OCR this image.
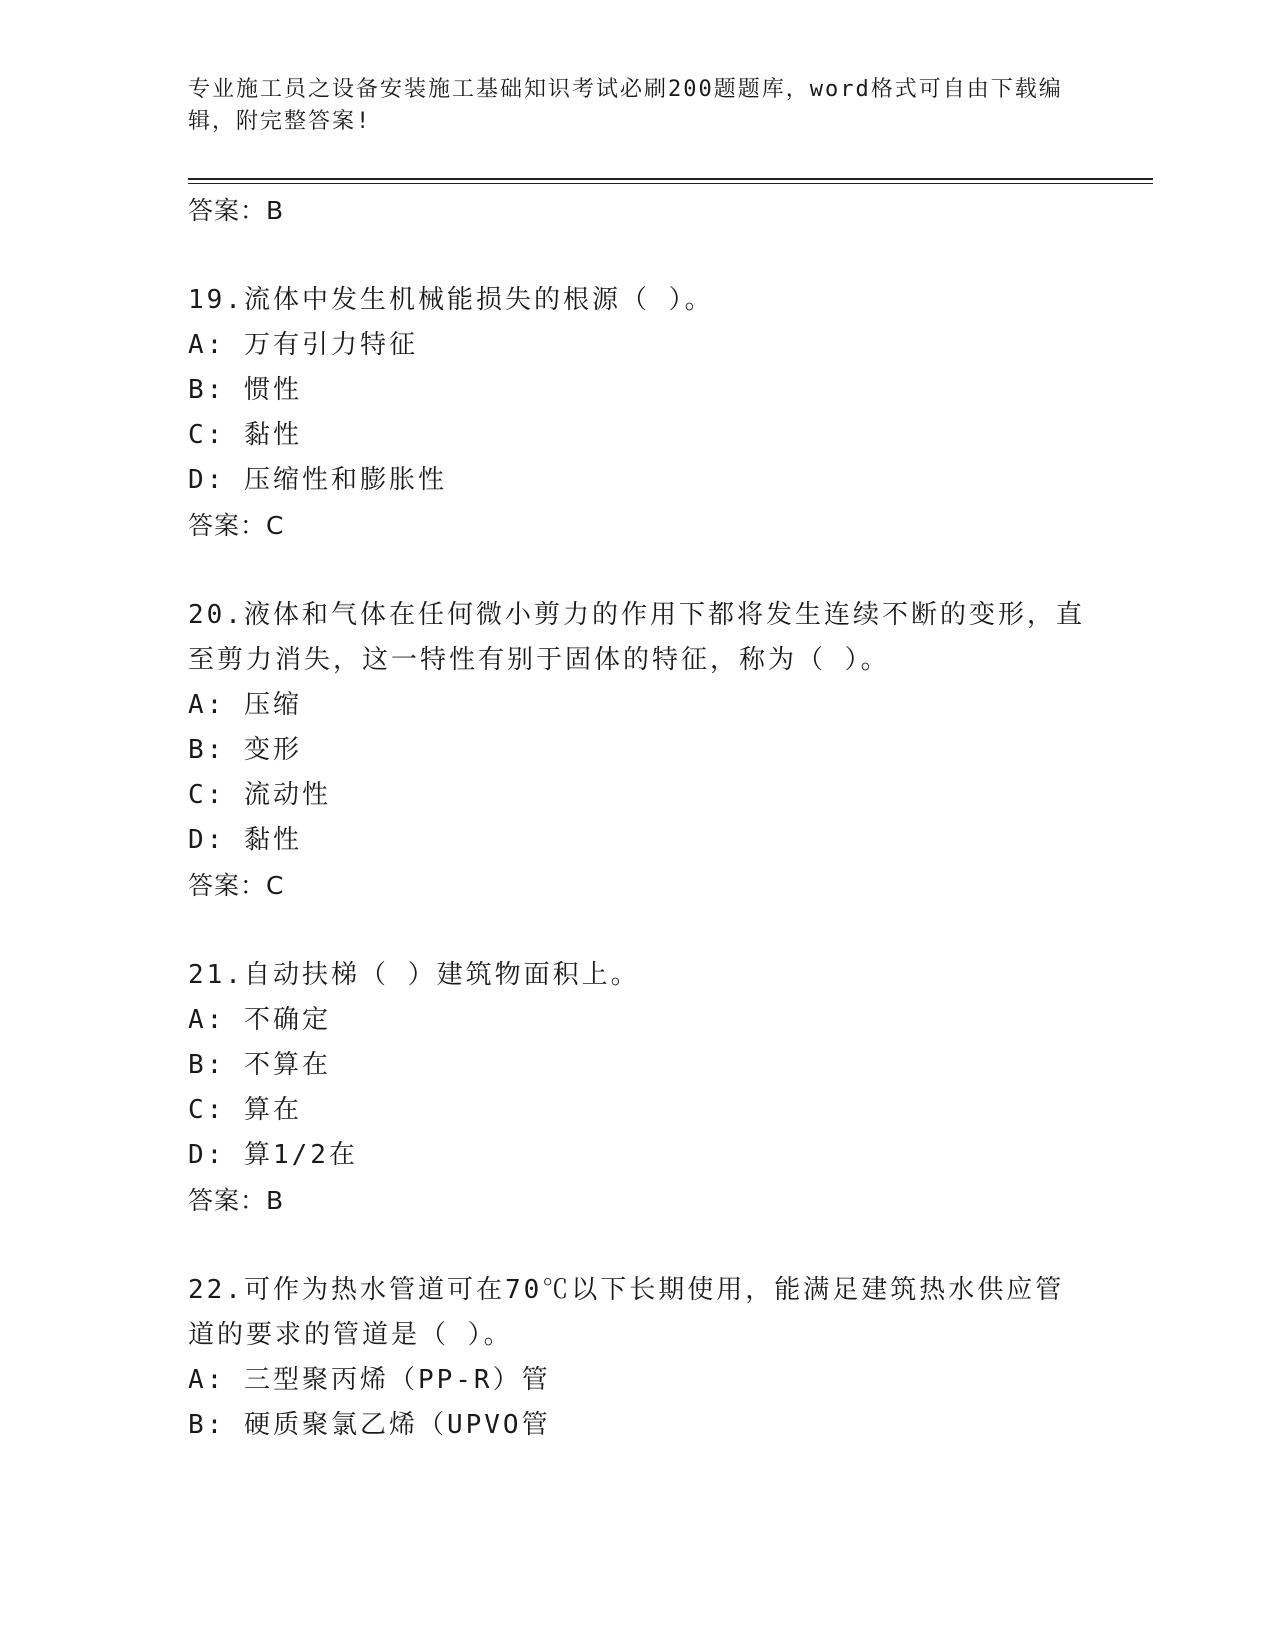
专业施工员之设备安装施工基础知识考试必刷200题题库，word格式可自由下载编辑，附完整答案!
答案：B
19.流体中发生机械能损失的根源（ ）。
A: 万有引力特征
B: 惯性
C: 黏性
D: 压缩性和膨胀性
答案：C
20.液体和气体在任何微小剪力的作用下都将发生连续不断的变形，直至剪力消失，这一特性有别于固体的特征，称为（ ）。
A: 压缩
B: 变形
C: 流动性
D: 黏性
答案：C
21.自动扶梯（ ）建筑物面积上。
A: 不确定
B: 不算在
C: 算在
D: 算1/2在
答案：B
22.可作为热水管道可在70℃以下长期使用，能满足建筑热水供应管道的要求的管道是（ ）。
A: 三型聚丙烯（PP-R）管
B: 硬质聚氯乙烯（UPVO管
